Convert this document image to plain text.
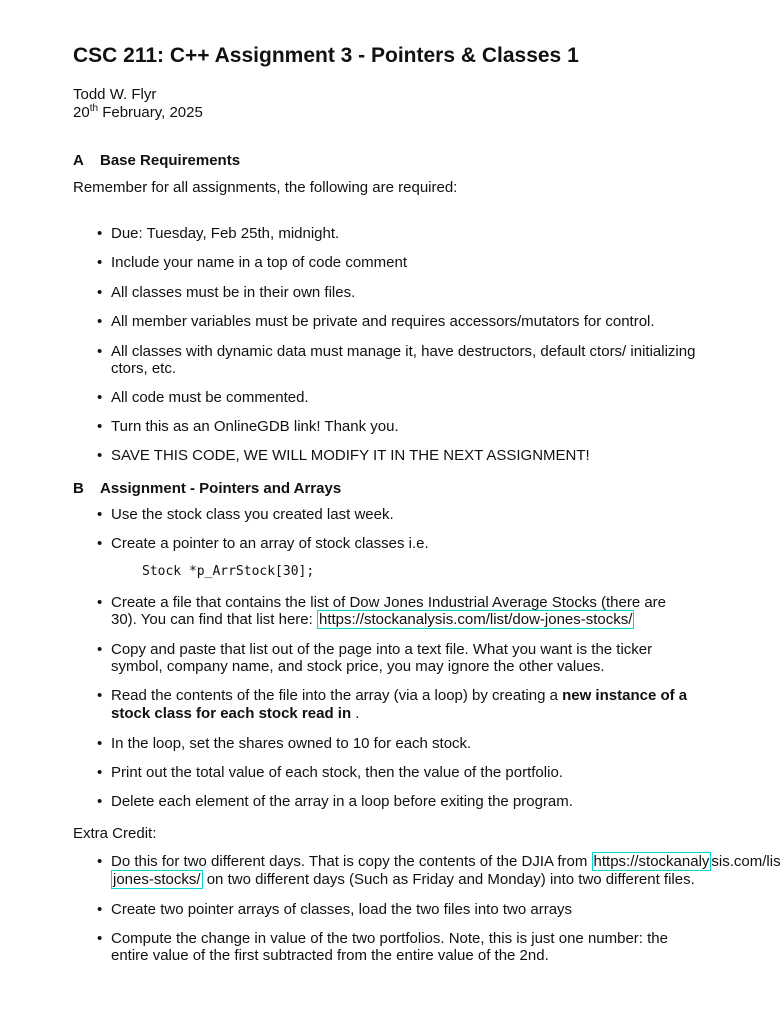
CSC 211: C++ Assignment 3 - Pointers & Classes 1
Todd W. Flyr
20th February, 2025
A Base Requirements
Remember for all assignments, the following are required:
• Due: Tuesday, Feb 25th, midnight.
• Include your name in a top of code comment
• All classes must be in their own files.
• All member variables must be private and requires accessors/mutators for control.
• All classes with dynamic data must manage it, have destructors, default ctors/ initializing
ctors, etc.
• All code must be commented.
• Turn this as an OnlineGDB link! Thank you.
• SAVE THIS CODE, WE WILL MODIFY IT IN THE NEXT ASSIGNMENT!
B Assignment - Pointers and Arrays
• Use the stock class you created last week.
• Create a pointer to an array of stock classes i.e.
Stock *p_ArrStock[30];
• Create a file that contains the list of Dow Jones Industrial Average Stocks (there are
30). You can find that list here: https://stockanalysis.com/list/dow-jones-stocks/
• Copy and paste that list out of the page into a text file. What you want is the ticker
symbol, company name, and stock price, you may ignore the other values.
• Read the contents of the file into the array (via a loop) by creating a new instance of a
stock class for each stock read in .
• In the loop, set the shares owned to 10 for each stock.
• Print out the total value of each stock, then the value of the portfolio.
• Delete each element of the array in a loop before exiting the program.
Extra Credit:
• Do this for two different days. That is copy the contents of the DJIA from https://stockanaly sis.com/lis
jones-stocks/ on two different days (Such as Friday and Monday) into two different files.
• Create two pointer arrays of classes, load the two files into two arrays
• Compute the change in value of the two portfolios. Note, this is just one number: the
entire value of the first subtracted from the entire value of the 2nd.
